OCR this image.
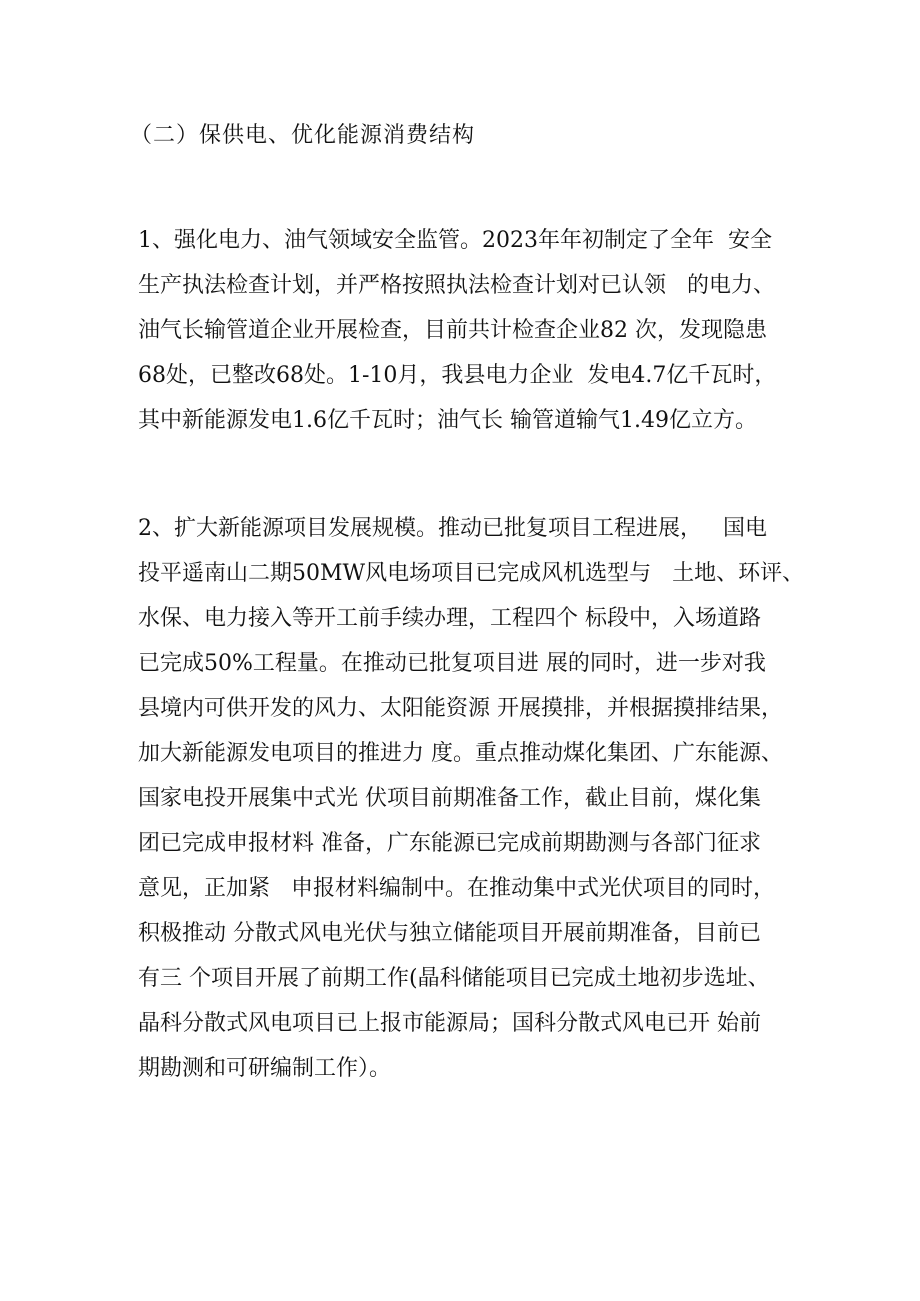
（二）保供电、优化能源消费结构
1、强化电力、油气领域安全监管。2023年年初制定了全年  安全
生产执法检查计划，并严格按照执法检查计划对已认领   的电力、
油气长输管道企业开展检查，目前共计检查企业82 次，发现隐患
68处，已整改68处。1-10月，我县电力企业  发电4.7亿千瓦时，
其中新能源发电1.6亿千瓦时；油气长 输管道输气1.49亿立方。
2、扩大新能源项目发展规模。推动已批复项目工程进展，   国电
投平遥南山二期50MW风电场项目已完成风机选型与   土地、环评、
水保、电力接入等开工前手续办理，工程四个 标段中，入场道路
已完成50%工程量。在推动已批复项目进 展的同时，进一步对我
县境内可供开发的风力、太阳能资源 开展摸排，并根据摸排结果，
加大新能源发电项目的推进力 度。重点推动煤化集团、广东能源、
国家电投开展集中式光 伏项目前期准备工作，截止目前，煤化集
团已完成申报材料 准备，广东能源已完成前期勘测与各部门征求
意见，正加紧   申报材料编制中。在推动集中式光伏项目的同时，
积极推动 分散式风电光伏与独立储能项目开展前期准备，目前已
有三 个项目开展了前期工作(晶科储能项目已完成土地初步选址、
晶科分散式风电项目已上报市能源局；国科分散式风电已开 始前
期勘测和可研编制工作）。
